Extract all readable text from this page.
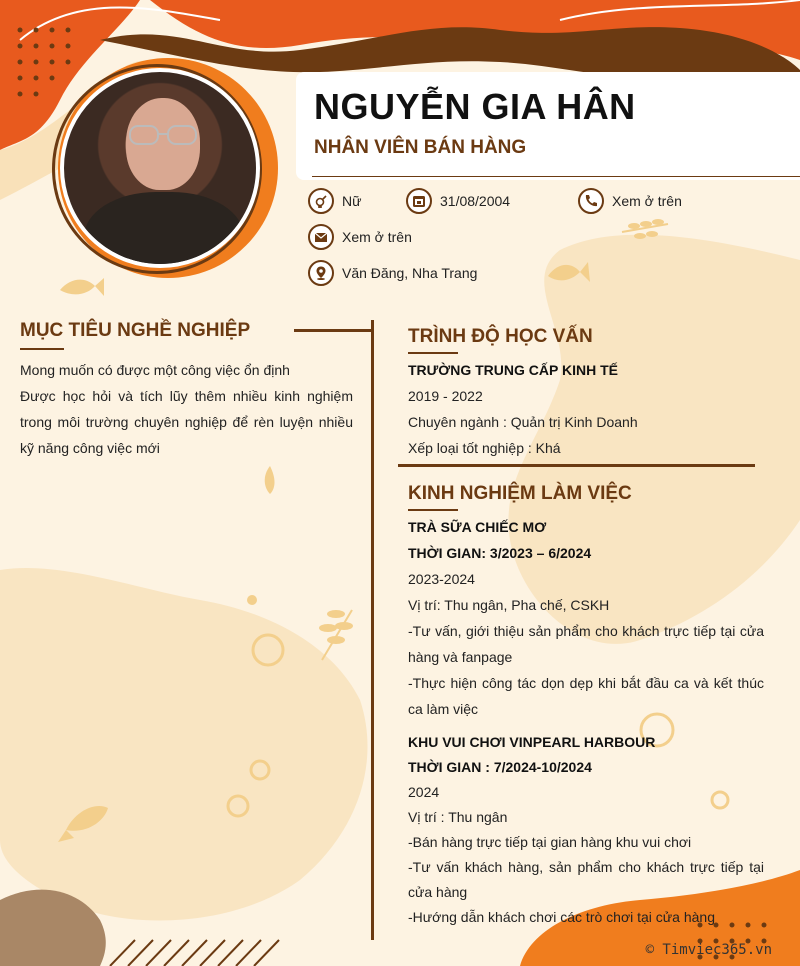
NGUYỄN GIA HÂN
NHÂN VIÊN BÁN HÀNG
Nữ	31/08/2004	Xem ở trên
Xem ở trên
Văn Đăng, Nha Trang
MỤC TIÊU NGHỀ NGHIỆP
Mong muốn có được một công việc ổn định
Được học hỏi và tích lũy thêm nhiều kinh nghiệm trong môi trường chuyên nghiệp để rèn luyện nhiều kỹ năng công việc mới
TRÌNH ĐỘ HỌC VẤN
TRƯỜNG TRUNG CẤP KINH TẾ
2019 - 2022
Chuyên ngành : Quản trị Kinh Doanh
Xếp loại tốt nghiệp : Khá
KINH NGHIỆM LÀM VIỆC
TRÀ SỮA CHIẾC MƠ
THỜI GIAN: 3/2023 – 6/2024
2023-2024
Vị trí: Thu ngân, Pha chế, CSKH
-Tư vấn, giới thiệu sản phẩm cho khách trực tiếp tại cửa hàng và fanpage
-Thực hiện công tác dọn dẹp khi bắt đầu ca và kết thúc ca làm việc
KHU VUI CHƠI VINPEARL HARBOUR
THỜI GIAN : 7/2024-10/2024
2024
Vị trí : Thu ngân
-Bán hàng trực tiếp tại gian hàng khu vui chơi
-Tư vấn khách hàng, sản phẩm cho khách trực tiếp tại cửa hàng
-Hướng dẫn khách chơi các trò chơi tại cửa hàng
© Timviec365.vn
